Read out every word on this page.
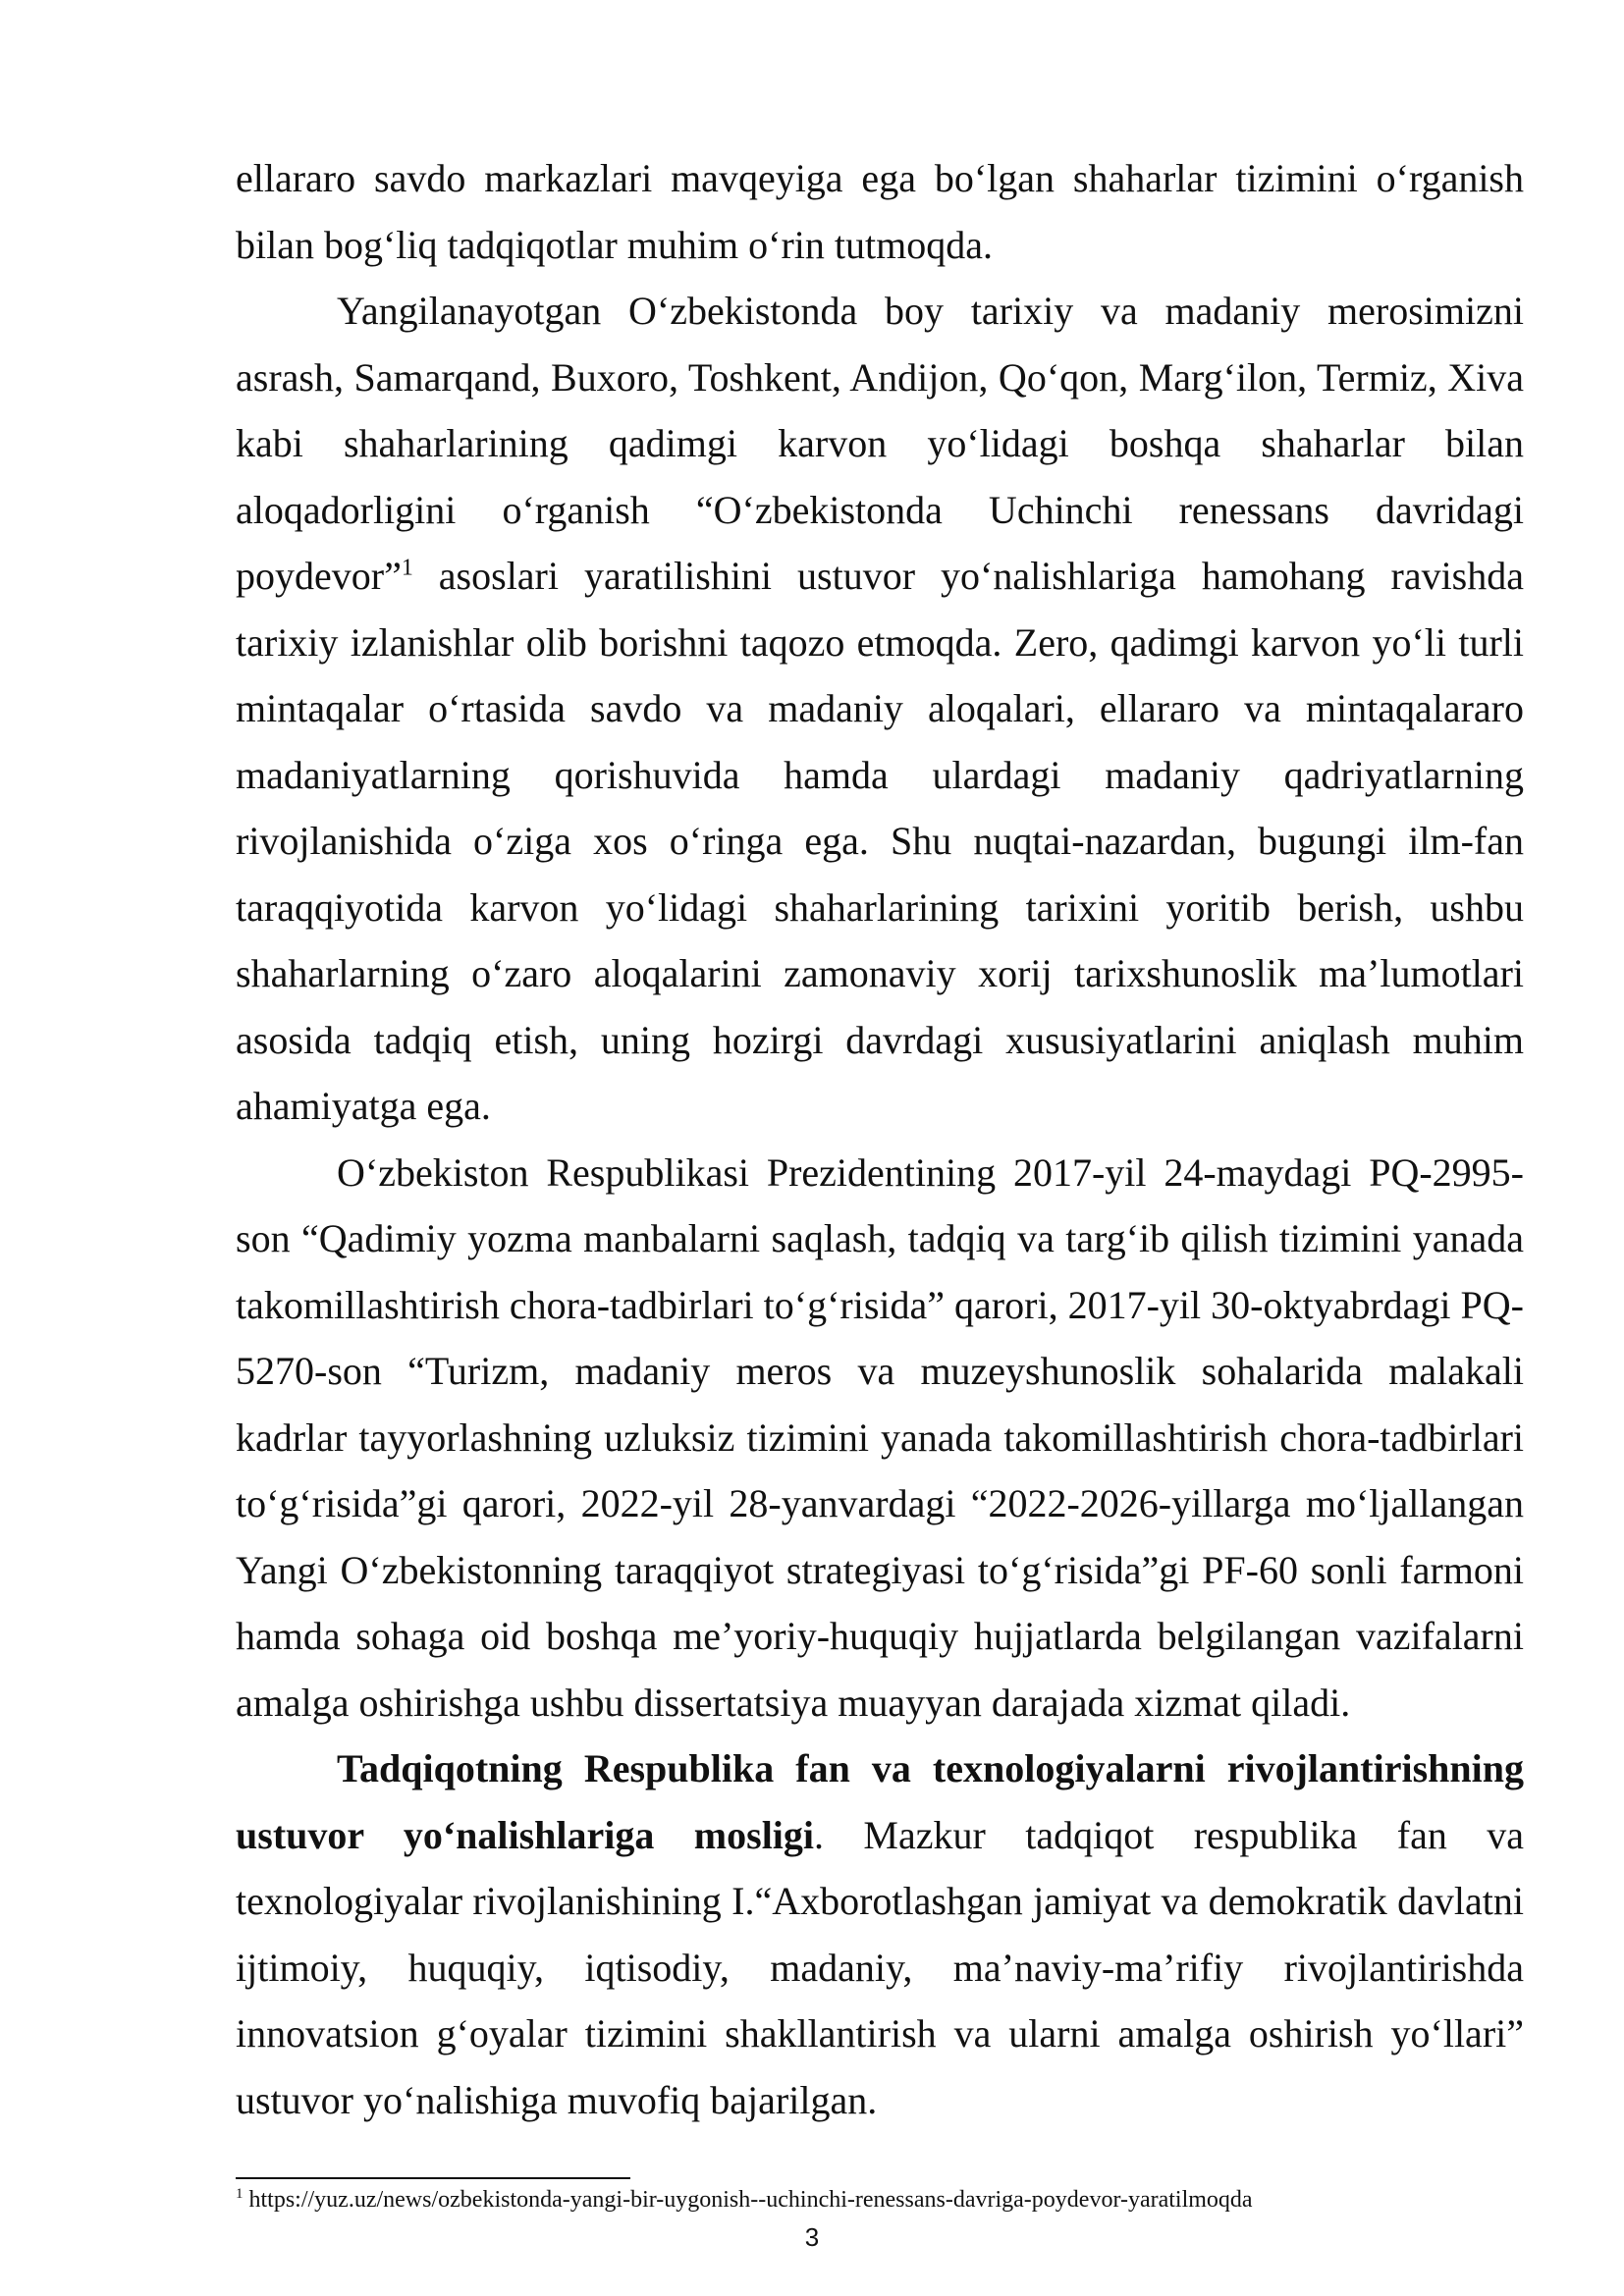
ellararo savdo markazlari mavqeyiga ega bo‘lgan shaharlar tizimini o‘rganish bilan bog‘liq tadqiqotlar muhim o‘rin tutmoqda.

Yangilanayotgan O‘zbekistonda boy tarixiy va madaniy merosimizni asrash, Samarqand, Buxoro, Toshkent, Andijon, Qo‘qon, Marg‘ilon, Termiz, Xiva kabi shaharlarining qadimgi karvon yo‘lidagi boshqa shaharlar bilan aloqadorligini o‘rganish “O‘zbekistonda Uchinchi renessans davridagi poydevor”$^1$ asoslari yaratilishini ustuvor yo‘nalishlariga hamohang ravishda tarixiy izlanishlar olib borishni taqozo etmoqda. Zero, qadimgi karvon yo‘li turli mintaqalar o‘rtasida savdo va madaniy aloqalari, ellararo va mintaqalararo madaniyatlarning qorishuvida hamda ulardagi madaniy qadriyatlarning rivojlanishida o‘ziga xos o‘ringa ega. Shu nuqtai-nazardan, bugungi ilm-fan taraqqiyotida karvon yo‘lidagi shaharlarining tarixini yoritib berish, ushbu shaharlarning o‘zaro aloqalarini zamonaviy xorij tarixshunoslik ma’lumotlari asosida tadqiq etish, uning hozirgi davrdagi xususiyatlarini aniqlash muhim ahamiyatga ega.

O‘zbekiston Respublikasi Prezidentining 2017-yil 24-maydagi PQ-2995-son “Qadimiy yozma manbalarni saqlash, tadqiq va targ‘ib qilish tizimini yanada takomillashtirish chora-tadbirlari to‘g‘risida” qarori, 2017-yil 30-oktyabrdagi PQ-5270-son “Turizm, madaniy meros va muzeyshunoslik sohalarida malakali kadrlar tayyorlashning uzluksiz tizimini yanada takomillashtirish chora-tadbirlari to‘g‘risida”gi qarori, 2022-yil 28-yanvardagi “2022-2026-yillarga mo‘ljallangan Yangi O‘zbekistonning taraqqiyot strategiyasi to‘g‘risida”gi PF-60 sonli farmoni hamda sohaga oid boshqa me’yoriy-huquqiy hujjatlarda belgilangan vazifalarni amalga oshirishga ushbu dissertatsiya muayyan darajada xizmat qiladi.

Tadqiqotning Respublika fan va texnologiyalarni rivojlantirishning ustuvor yo‘nalishlariga mosligi. Mazkur tadqiqot respublika fan va texnologiyalar rivojlanishining I.“Axborotlashgan jamiyat va demokratik davlatni ijtimoiy, huquqiy, iqtisodiy, madaniy, ma’naviy-ma’rifiy rivojlantirishda innovatsion g‘oyalar tizimini shakllantirish va ularni amalga oshirish yo‘llari” ustuvor yo‘nalishiga muvofiq bajarilgan.

$^1$ https://yuz.uz/news/ozbekistonda-yangi-bir-uygonish--uchinchi-renessans-davriga-poydevor-yaratilmoqda
3
